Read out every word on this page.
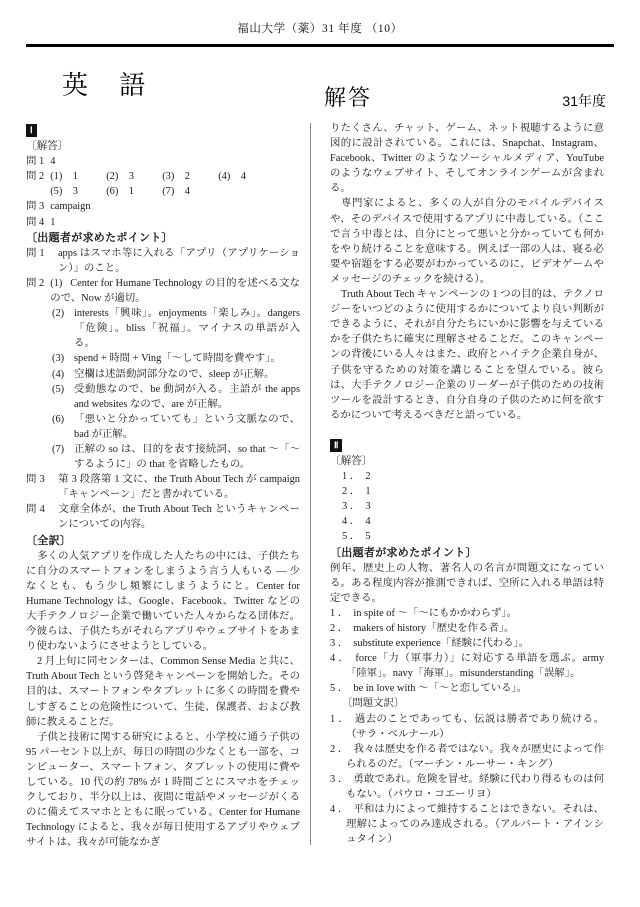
福山大学（薬）31 年度 （10）
英 語	解答	31年度
Ⅰ
〔解答〕
問 1 4
問 2 (1)　1	(2)　3	(3)　2	(4)　4
(5)　3	(6)　1	(7)　4
問 3 campaign
問 4 1
〔出題者が求めたポイント〕
問 1 　 apps はスマホ等に入れる「アプリ（アプリケーション）」のこと。
問 2 (1) Center for Humane Technology の目的を述べる文なので、Now が適切。
(2) interests「興味」。enjoyments「楽しみ」。dangers「危険」。bliss「祝福」。マイナスの単語が入る。
(3) spend + 時間 + Ving「～して時間を費やす」。
(4) 空欄は述語動詞部分なので、sleep が正解。
(5) 受動態なので、be 動詞が入る。主語が the apps and websites なので、are が正解。
(6) 「悪いと分かっていても」という文脈なので、bad が正解。
(7) 正解の so は、目的を表す接続詞、so that ～「～するように」の that を省略したもの。
問 3 　 第 3 段落第 1 文に、the Truth About Tech が campaign「キャンペーン」だと書かれている。
問 4 　 文章全体が、the Truth About Tech というキャンペーンについての内容。
〔全訳〕

多くの人気アプリを作成した人たちの中には、子供たちに自分のスマートフォンをしまうよう言う人もいる ― 少なくとも、もう少し頻繁にしまうようにと。Center for Humane Technology は、Google、Facebook、Twitter などの大手テクノロジー企業で働いていた人々からなる団体だ。今彼らは、子供たちがそれらアプリやウェブサイトをあまり使わないようにさせようとしている。

2 月上旬に同センターは、Common Sense Media と共に、Truth About Tech という啓発キャンペーンを開始した。その目的は、スマートフォンやタブレットに多くの時間を費やしすぎることの危険性について、生徒、保護者、および教師に教えることだ。

子供と技術に関する研究によると、小学校に通う子供の 95 パーセント以上が、毎日の時間の少なくとも一部を、コンピューター、スマートフォン、タブレットの使用に費やしている。10 代の約 78% が 1 時間ごとにスマホをチェックしており、半分以上は、夜間に電話やメッセージがくるのに備えてスマホとともに眠っている。Center for Humane Technology によると、我々が毎日使用するアプリやウェブサイトは、我々が可能なかぎ

りたくさん、チャット、ゲーム、ネット視聴するように意図的に設計されている。これには、Snapchat、Instagram、Facebook、Twitter のようなソーシャルメディア、YouTube のようなウェブサイト、そしてオンラインゲームが含まれる。

専門家によると、多くの人が自分のモバイルデバイスや、そのデバイスで使用するアプリに中毒している。（ここで言う中毒とは、自分にとって悪いと分かっていても何かをやり続けることを意味する。例えば一部の人は、寝る必要や宿題をする必要がわかっているのに、ビデオゲームやメッセージのチェックを続ける）。

Truth About Tech キャンペーンの 1 つの目的は、テクノロジーをいつどのように使用するかについてより良い判断ができるように、それが自分たちにいかに影響を与えているかを子供たちに確実に理解させることだ。このキャンペーンの背後にいる人々はまた、政府とハイテク企業自身が、子供を守るための対策を講じることを望んでいる。彼らは、大手テクノロジー企業のリーダーが子供のための技術ツールを設計するとき、自分自身の子供のために何を欲するかについて考えるべきだと語っている。

Ⅱ
〔解答〕
1 ．　 2
2 ．　 1
3 ．　 3
4 ．　 4
5 ．　 5
〔出題者が求めたポイント〕
例年、歴史上の人物、著名人の名言が問題文になっている。ある程度内容が推測できれば、空所に入れる単語は特定できる。
1 ．　 in spite of ～「～にもかかわらず」。
2 ．　 makers of history「歴史を作る者」。
3 ．　 substitute experience「経験に代わる」。
4 ．　 force「力（軍事力）」に対応する単語を選ぶ。army「陸軍」。navy「海軍」。misunderstanding「誤解」。
5 ．　 be in love with ～「～と恋している」。
〔問題文訳〕
1 ．　 過去のことであっても、伝説は勝者であり続ける。（サラ・ベルナール）
2 ．　 我々は歴史を作る者ではない。我々が歴史によって作られるのだ。（マーチン・ルーサー・キング）
3 ．　 勇敢であれ。危険を冒せ。経験に代わり得るものは何もない。（パウロ・コエーリヨ）
4 ．　 平和は力によって維持することはできない。それは、理解によってのみ達成される。（アルバート・アインシュタイン）
